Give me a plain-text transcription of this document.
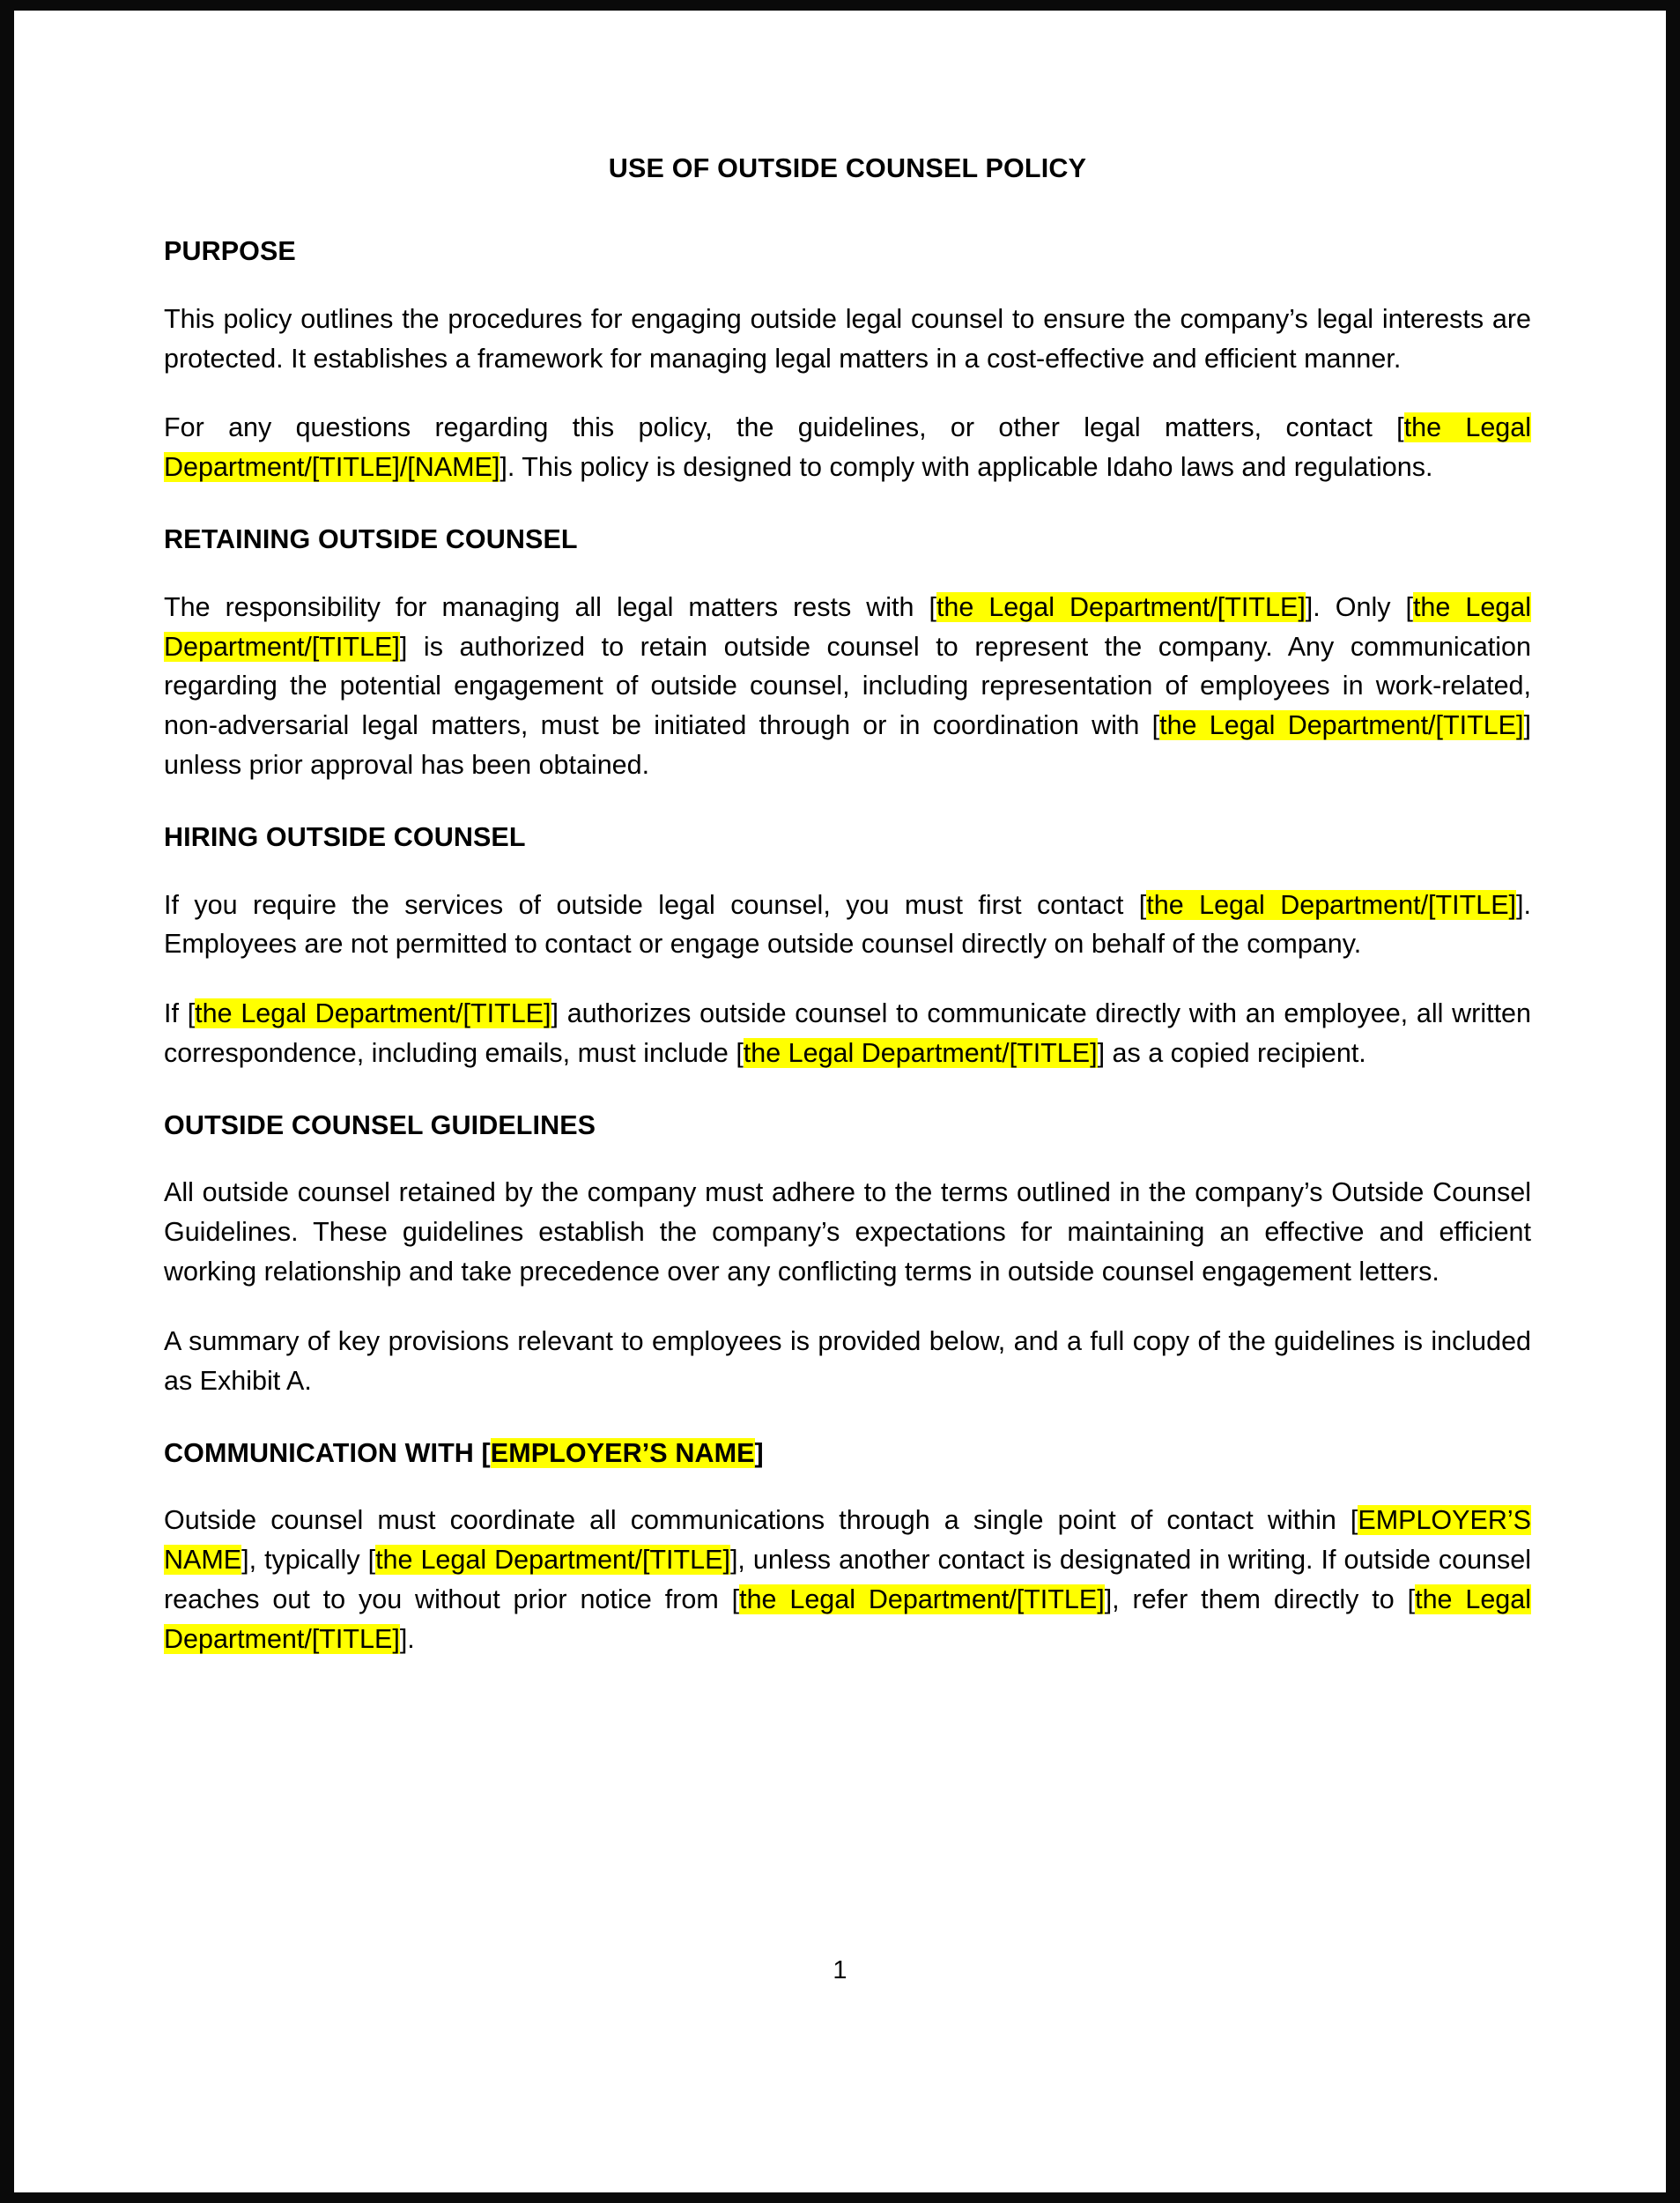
USE OF OUTSIDE COUNSEL POLICY
PURPOSE

This policy outlines the procedures for engaging outside legal counsel to ensure the company’s legal interests are protected. It establishes a framework for managing legal matters in a cost-effective and efficient manner.

For any questions regarding this policy, the guidelines, or other legal matters, contact [the Legal Department/[TITLE]/[NAME]]. This policy is designed to comply with applicable Idaho laws and regulations.

RETAINING OUTSIDE COUNSEL

The responsibility for managing all legal matters rests with [the Legal Department/[TITLE]]. Only [the Legal Department/[TITLE]] is authorized to retain outside counsel to represent the company. Any communication regarding the potential engagement of outside counsel, including representation of employees in work-related, non-adversarial legal matters, must be initiated through or in coordination with [the Legal Department/[TITLE]] unless prior approval has been obtained.

HIRING OUTSIDE COUNSEL

If you require the services of outside legal counsel, you must first contact [the Legal Department/[TITLE]]. Employees are not permitted to contact or engage outside counsel directly on behalf of the company.

If [the Legal Department/[TITLE]] authorizes outside counsel to communicate directly with an employee, all written correspondence, including emails, must include [the Legal Department/[TITLE]] as a copied recipient.

OUTSIDE COUNSEL GUIDELINES

All outside counsel retained by the company must adhere to the terms outlined in the company’s Outside Counsel Guidelines. These guidelines establish the company’s expectations for maintaining an effective and efficient working relationship and take precedence over any conflicting terms in outside counsel engagement letters.

A summary of key provisions relevant to employees is provided below, and a full copy of the guidelines is included as Exhibit A.

COMMUNICATION WITH [EMPLOYER’S NAME]

Outside counsel must coordinate all communications through a single point of contact within [EMPLOYER’S NAME], typically [the Legal Department/[TITLE]], unless another contact is designated in writing. If outside counsel reaches out to you without prior notice from [the Legal Department/[TITLE]], refer them directly to [the Legal Department/[TITLE]].

1
